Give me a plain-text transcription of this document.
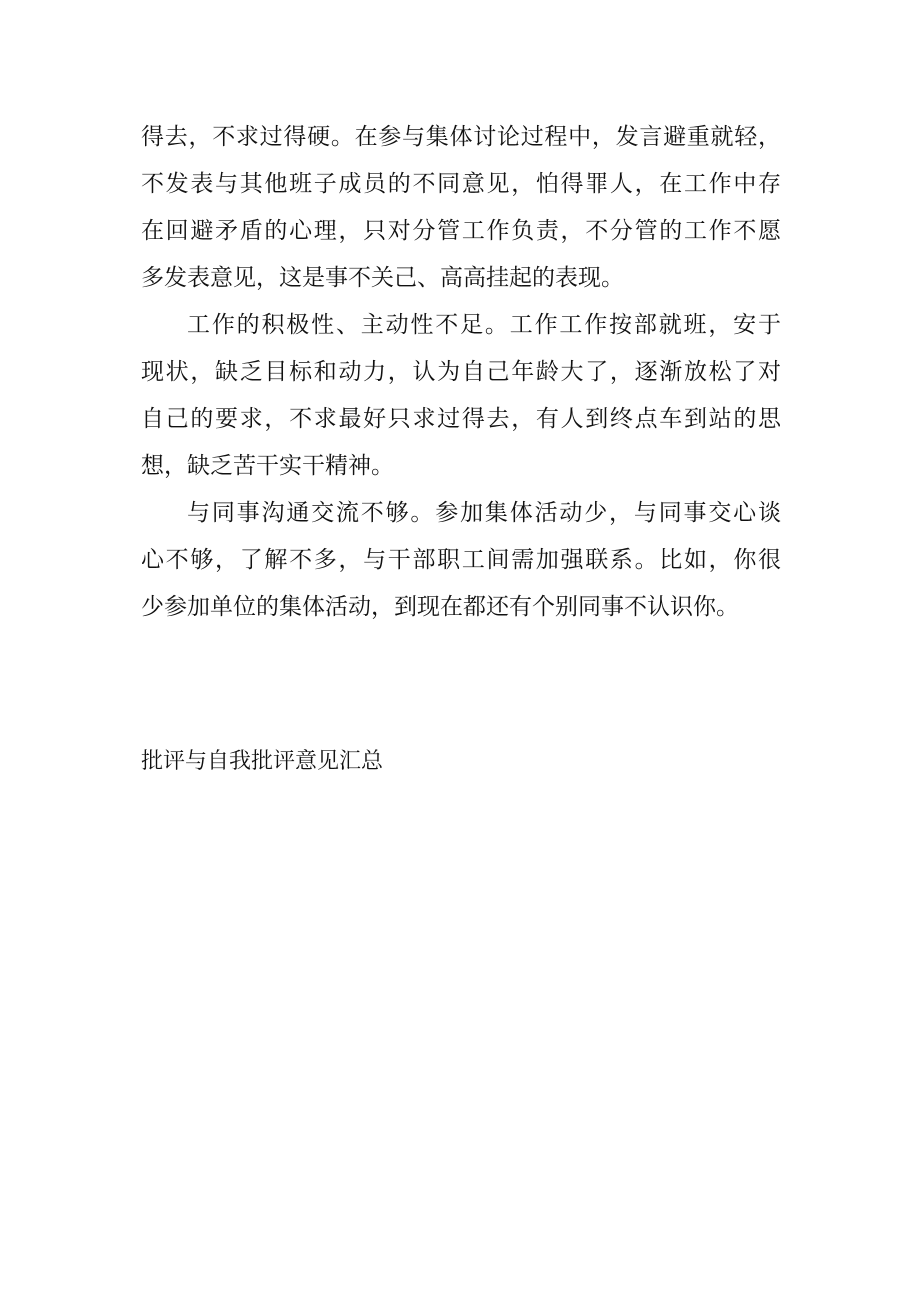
得去，不求过得硬。在参与集体讨论过程中，发言避重就轻，
不发表与其他班子成员的不同意见，怕得罪人，在工作中存
在回避矛盾的心理，只对分管工作负责，不分管的工作不愿
多发表意见，这是事不关己、高高挂起的表现。
工作的积极性、主动性不足。工作工作按部就班，安于
现状，缺乏目标和动力，认为自己年龄大了，逐渐放松了对
自己的要求，不求最好只求过得去，有人到终点车到站的思
想，缺乏苦干实干精神。
与同事沟通交流不够。参加集体活动少，与同事交心谈
心不够，了解不多，与干部职工间需加强联系。比如，你很
少参加单位的集体活动，到现在都还有个别同事不认识你。
批评与自我批评意见汇总
